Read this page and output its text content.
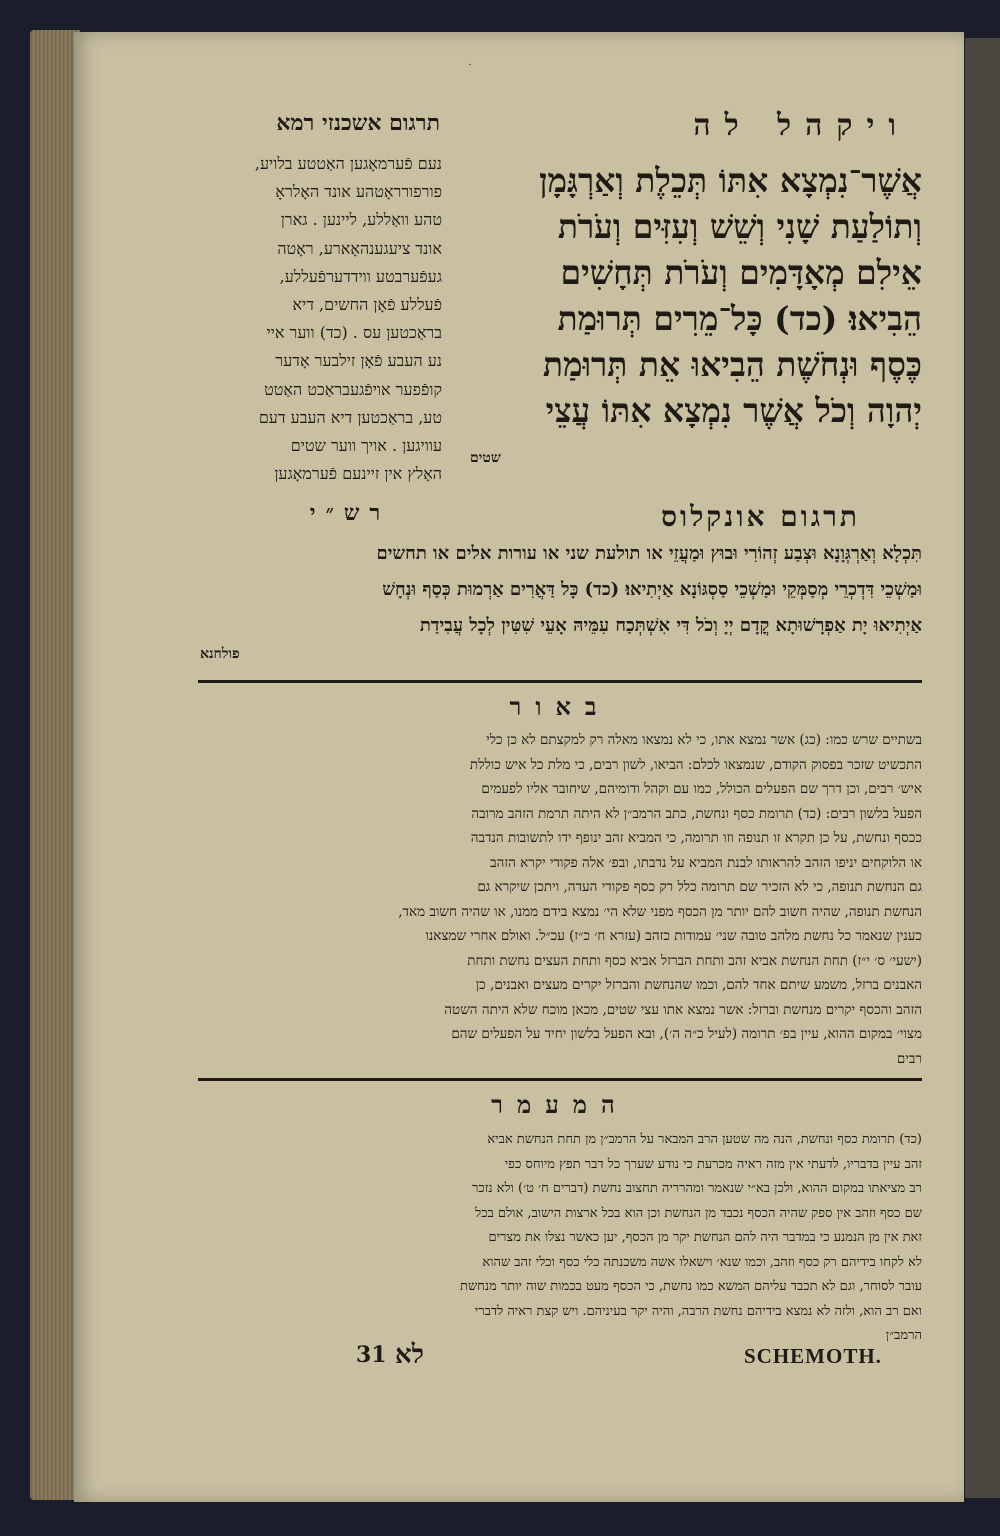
ויקהל לה
תרגום אשכנזי רמא
אֲשֶׁר־נִמְצָא אִתּוֹ תְּכֵלֶת וְאַרְגָּמָן
וְתוֹלַעַת שָׁנִי וְשֵׁשׁ וְעִזִּים וְעֹרֹת
אֵילִם מְאָדָּמִים וְעֹרֹת תְּחָשִׁים
הֵבִיאוּ׃ (כד) כָּל־מֵרִים תְּרוּמַת
כֶּסֶף וּנְחֹשֶׁת הֵבִיאוּ אֵת תְּרוּמַת
יְהוָה וְכֹל אֲשֶׁר נִמְצָא אִתּוֹ עֲצֵי
שטים
נעם פֿערמאָגען האַטטע בלויע,
פורפורראָטהע אונד האָלראָ
טהע וואַללע, ליינען . גארן
אונד ציעגענהאָארע, ראָטה
געפֿערבטע ווידדערפֿעללע,
פֿעללע פֿאָן החשים, דיא
בראַכטען עס . (כד) ווער איי
נע העבע פֿאָן זילבער אָדער
קופֿפער אויפֿגעבראַכט האַטט
טע, בראַכטען דיא העבע דעם
עוויגען . אויך ווער שטים
האָלץ אין זיינעם פֿערמאָגען
תרגום אונקלוס
רש״י
תִּכְלָא וְאַרְגְּוָנָא וּצְבַע זְהוֹרִי וּבוּץ וּמַעֲזֵי או תולעת שני או עורות אלים או תחשים
וּמַשְׁכֵי דִּדְכְרֵי מְסַמְּקֵי וּמַשְׁכֵי סַסְגּוֹנָא אַיְתִיאוּ׃ (כד) כָּל דַּאֲרִים אַרְמוּת כְּסַף וּנְחָשׁ
אַיְתִיאוּ יָת אַפְרָשׁוּתָא קֳדָם יְיָ וְכֹל דִּי אִשְׁתְּכַח עִמֵּיהּ אָעֵי שִׁטִּין לְכָל עֲבִידַת
פולחנא
באור
בשתיים שרש כמו: (כג) אשר נמצא אתו, כי לא נמצאו מאלה רק למקצתם לא כן כלי
התכשיט שזכר בפסוק הקודם, שנמצאו לכלם: הביאו, לשון רבים, כי מלת כל איש כוללת
איש׳ רבים, וכן דרך שם הפעלים הכולל, כמו עם וקהל ודומיהם, שיחובר אליו לפעמים
הפעל בלשון רבים: (כד) תרומת כסף ונחשת, כתב הרמב״ן לא היתה תרמת הזהב מרובה
ככסף ונחשת, על כן תקרא זו תנופה וזו תרומה, כי המביא זהב ינופף ידו לתשובות הנדבה
או הלוקחים יניפו הזהב להראותו לבנת המביא על נדבתו, ובפ׳ אלה פקודי יקרא הזהב
גם הנחשת תנופה, כי לא הזכיר שם תרומה כלל רק כסף פקודי העדה, ויתכן שיקרא גם
הנחשת תנופה, שהיה חשוב להם יותר מן הכסף מפני שלא הי׳ נמצא בידם ממנו, או שהיה חשוב מאד,
כענין שנאמר כל נחשת מלהב טובה שני׳ עמודות כזהב (עזרא ח׳ כ״ז) עכ״ל. ואולם אחרי שמצאנו
(ישעי׳ ס׳ י״ז) תחת הנחשת אביא זהב ותחת הברזל אביא כסף ותחת העצים נחשת ותחת
האבנים ברזל, משמע שיתם אחד להם, וכמו שהנחשת והברזל יקרים מעצים ואבנים, כן
הזהב והכסף יקרים מנחשת וברזל: אשר נמצא אתו עצי שטים, מכאן מוכח שלא היתה השטה
מצוי׳ במקום ההוא, עיין בפ׳ תרומה (לעיל כ״ה ה׳), ובא הפעל בלשון יחיד על הפעלים שהם
רבים
המעמר
(כד) תרומת כסף ונחשת, הנה מה שטען הרב המבאר על הרמב״ן מן תחת הנחשת אביא
זהב עיין בדבריו, לדעתי אין מזה ראיה מכרעת כי נודע שערך כל דבר תפץ מיוחס כפי
רב מציאתו במקום ההוא, ולכן בא״י שנאמר ומהרריה תחצוב נחשת (דברים ח׳ ט׳) ולא נזכר
שם כסף וזהב אין ספק שהיה הכסף נכבד מן הנחשת וכן הוא בכל ארצות הישוב, אולם בכל
זאת אין מן הנמנע כי במדבר היה להם הנחשת יקר מן הכסף, יען כאשר נצלו את מצרים
לא לקחו בידיהם רק כסף וזהב, וכמו שנא׳ וישאלו אשה משכנתה כלי כסף וכלי זהב שהוא
עובר לסוחר, וגם לא תכבד עליהם המשא כמו נחשת, כי הכסף מעט בכמות שוה יותר מנחשת
ואם רב הוא, ולזה לא נמצא בידיהם נחשת הרבה, והיה יקר בעיניהם. ויש קצת ראיה לדברי
הרמב״ן
31 לא	SCHEMOTH.
